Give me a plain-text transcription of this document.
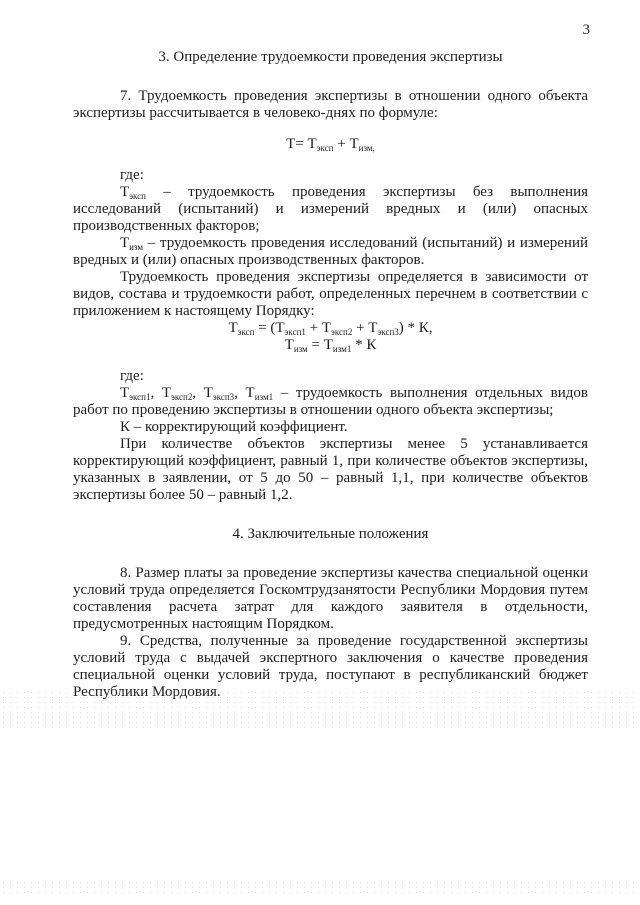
3

3. Определение трудоемкости проведения экспертизы

7. Трудоемкость проведения экспертизы в отношении одного объекта экспертизы рассчитывается в человеко-днях по формуле:

$Т= Т_{эксп} + Т_{изм,}$

где:

$Т_{эксп}$ – трудоемкость проведения экспертизы без выполнения исследований (испытаний) и измерений вредных и (или) опасных производственных факторов;

$Т_{изм}$ – трудоемкость проведения исследований (испытаний) и измерений вредных и (или) опасных производственных факторов.

Трудоемкость проведения экспертизы определяется в зависимости от видов, состава и трудоемкости работ, определенных перечнем в соответствии с приложением к настоящему Порядку:

$Т_{эксп} = (Т_{эксп1} + Т_{эксп2} + Т_{эксп3}) * К$,

$Т_{изм} = Т_{изм1} * К$

где:

$Т_{эксп1}$, $Т_{эксп2}$, $Т_{эксп3}$, $Т_{изм1}$ – трудоемкость выполнения отдельных видов работ по проведению экспертизы в отношении одного объекта экспертизы;

К – корректирующий коэффициент.

При количестве объектов экспертизы менее 5 устанавливается корректирующий коэффициент, равный 1, при количестве объектов экспертизы, указанных в заявлении, от 5 до 50 – равный 1,1, при количестве объектов экспертизы более 50 – равный 1,2.

4. Заключительные положения

8. Размер платы за проведение экспертизы качества специальной оценки условий труда определяется Госкомтрудзанятости Республики Мордовия путем составления расчета затрат для каждого заявителя в отдельности, предусмотренных настоящим Порядком.

9. Средства, полученные за проведение государственной экспертизы условий труда с выдачей экспертного заключения о качестве проведения специальной оценки условий труда, поступают в республиканский бюджет Республики Мордовия.
